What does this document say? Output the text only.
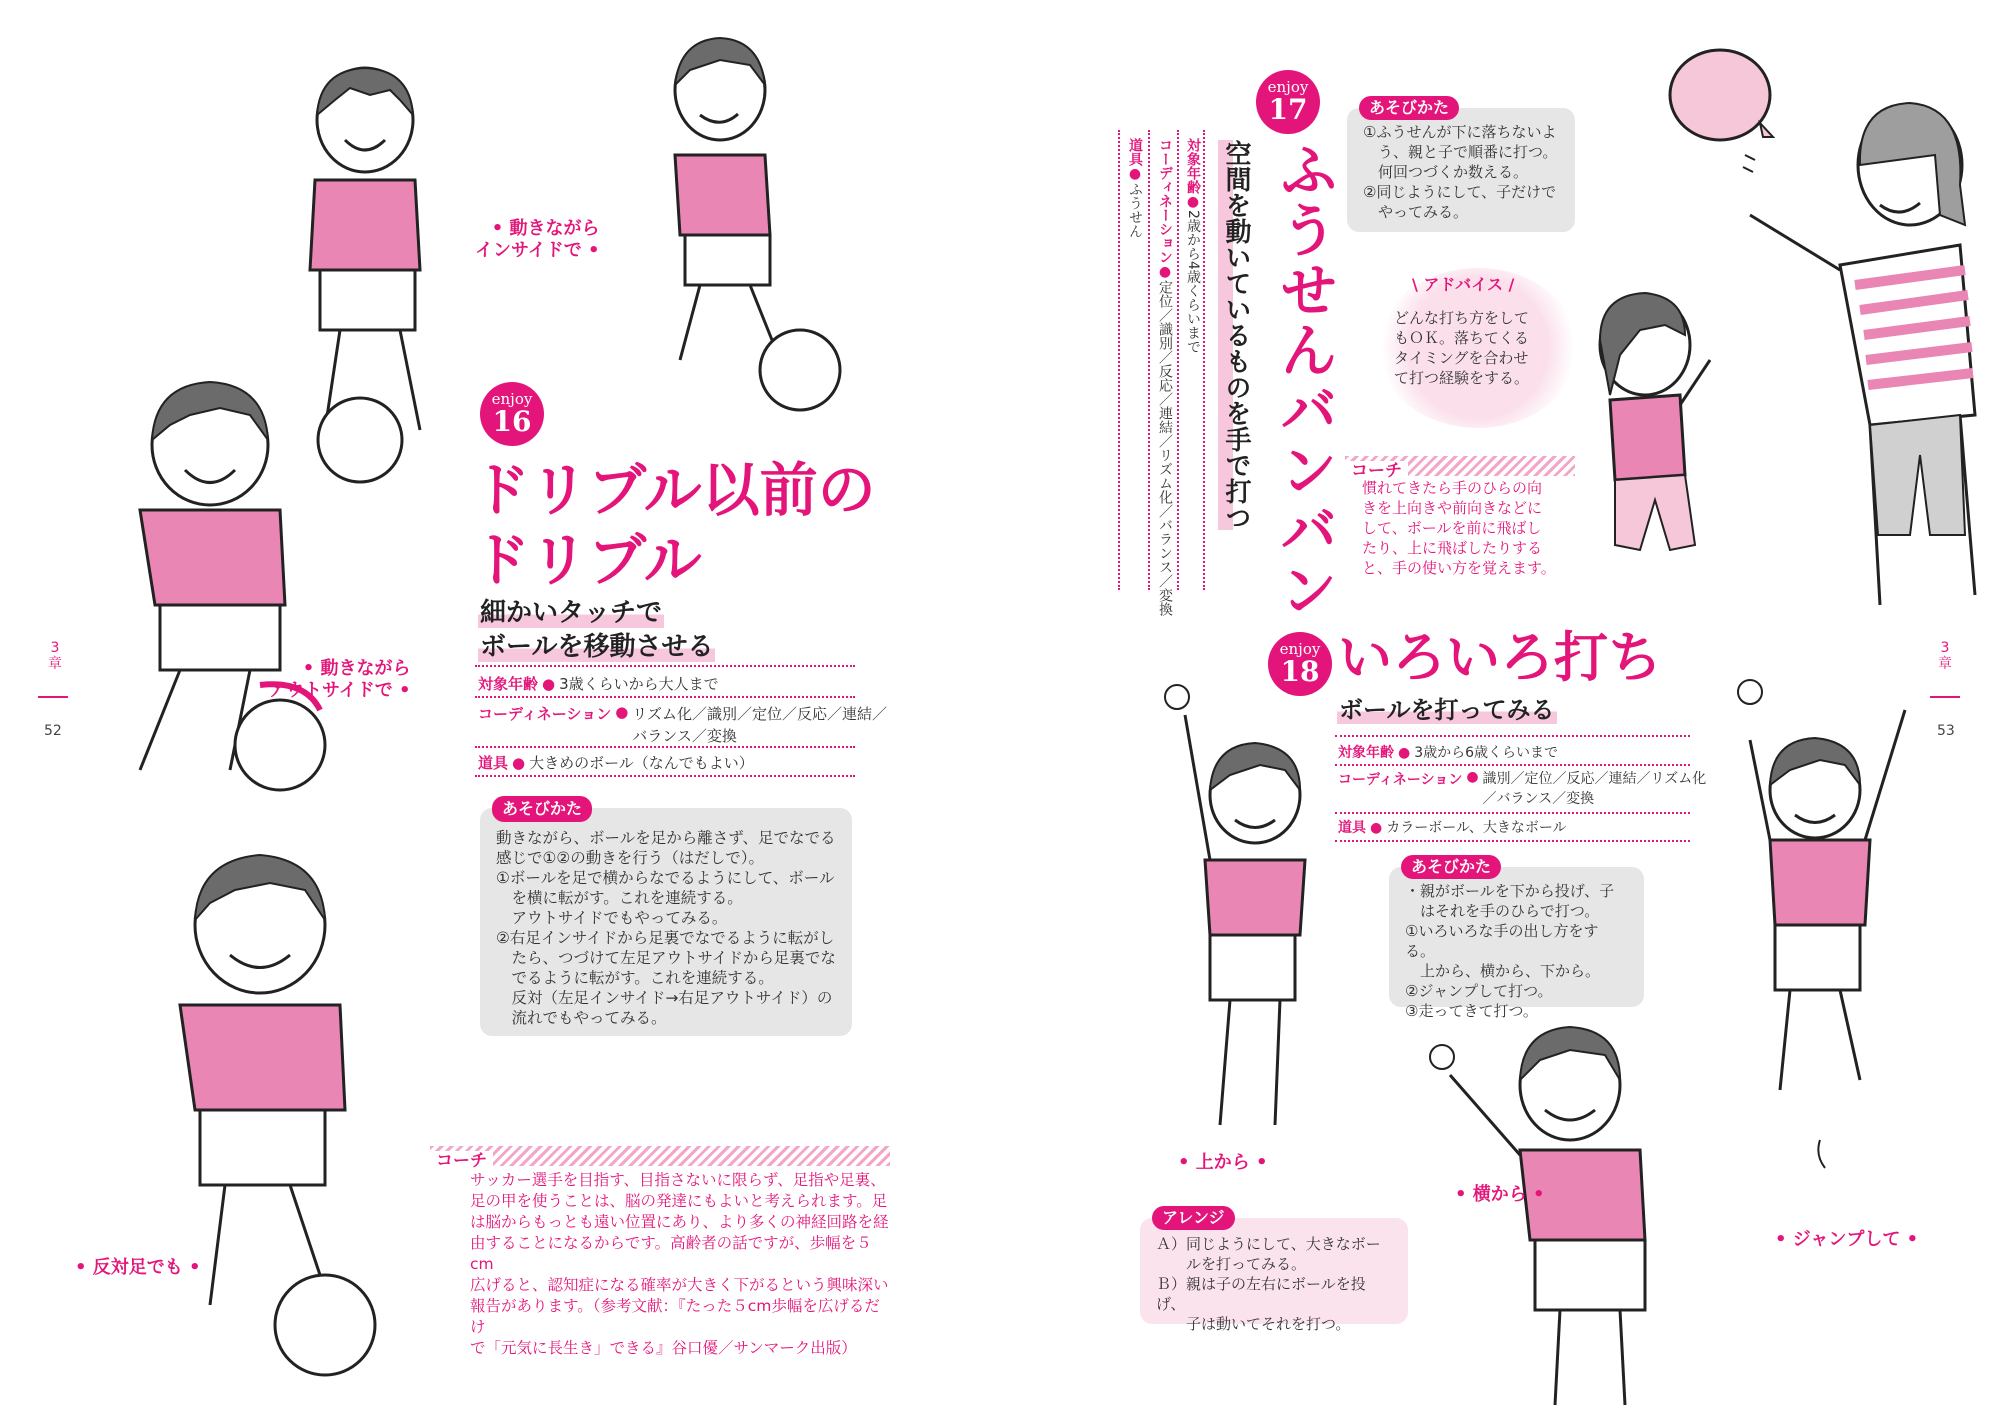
3
章
52
• 動きながら
インサイドで •
• 動きながら
アウトサイドで •
• 反対足でも •
enjoy
16
ドリブル以前の
ドリブル
細かいタッチで
ボールを移動させる
対象年齢 ● 3歳くらいから大人まで
コーディネーション ● リズム化／識別／定位／反応／連結／
バランス／変換
道具 ● 大きめのボール（なんでもよい）
あそびかた

動きながら、ボールを足から離さず、足でなでる
感じで①②の動きを行う（はだしで）。
①ボールを足で横からなでるようにして、ボール
　を横に転がす。これを連続する。
　アウトサイドでもやってみる。
②右足インサイドから足裏でなでるように転がし
　たら、つづけて左足アウトサイドから足裏でな
　でるように転がす。これを連続する。
　反対（左足インサイド→右足アウトサイド）の
　流れでもやってみる。

コーチ
サッカー選手を目指す、目指さないに限らず、足指や足裏、
足の甲を使うことは、脳の発達にもよいと考えられます。足
は脳からもっとも遠い位置にあり、より多くの神経回路を経
由することになるからです。高齢者の話ですが、歩幅を５cm
広げると、認知症になる確率が大きく下がるという興味深い
報告があります。（参考文献：『たった５cm歩幅を広げるだけ
で「元気に長生き」できる』谷口優／サンマーク出版）
3
章
53
enjoy
17
ふうせんバンバン
空間を動いているものを手で打つ
対象年齢●2歳から4歳くらいまで
コーディネーション●定位／識別／反応／連結／リズム化／バランス／変換
道具●ふうせん
あそびかた

①ふうせんが下に落ちないよ
　う、親と子で順番に打つ。
　何回つづくか数える。
②同じようにして、子だけで
　やってみる。

\ アドバイス /
どんな打ち方をして
もＯＫ。落ちてくる
タイミングを合わせ
て打つ経験をする。
コーチ
慣れてきたら手のひらの向
きを上向きや前向きなどに
して、ボールを前に飛ばし
たり、上に飛ばしたりする
と、手の使い方を覚えます。
enjoy
18 いろいろ打ち
ボールを打ってみる
対象年齢 ● 3歳から6歳くらいまで
コーディネーション ● 識別／定位／反応／連結／リズム化
／バランス／変換
道具 ● カラーボール、大きなボール
あそびかた

・親がボールを下から投げ、子
　はそれを手のひらで打つ。
①いろいろな手の出し方をする。
　上から、横から、下から。
②ジャンプして打つ。
③走ってきて打つ。

アレンジ

Ａ）同じようにして、大きなボー
　　ルを打ってみる。
Ｂ）親は子の左右にボールを投げ、
　　子は動いてそれを打つ。

• 上から •
• 横から •
• ジャンプして •
